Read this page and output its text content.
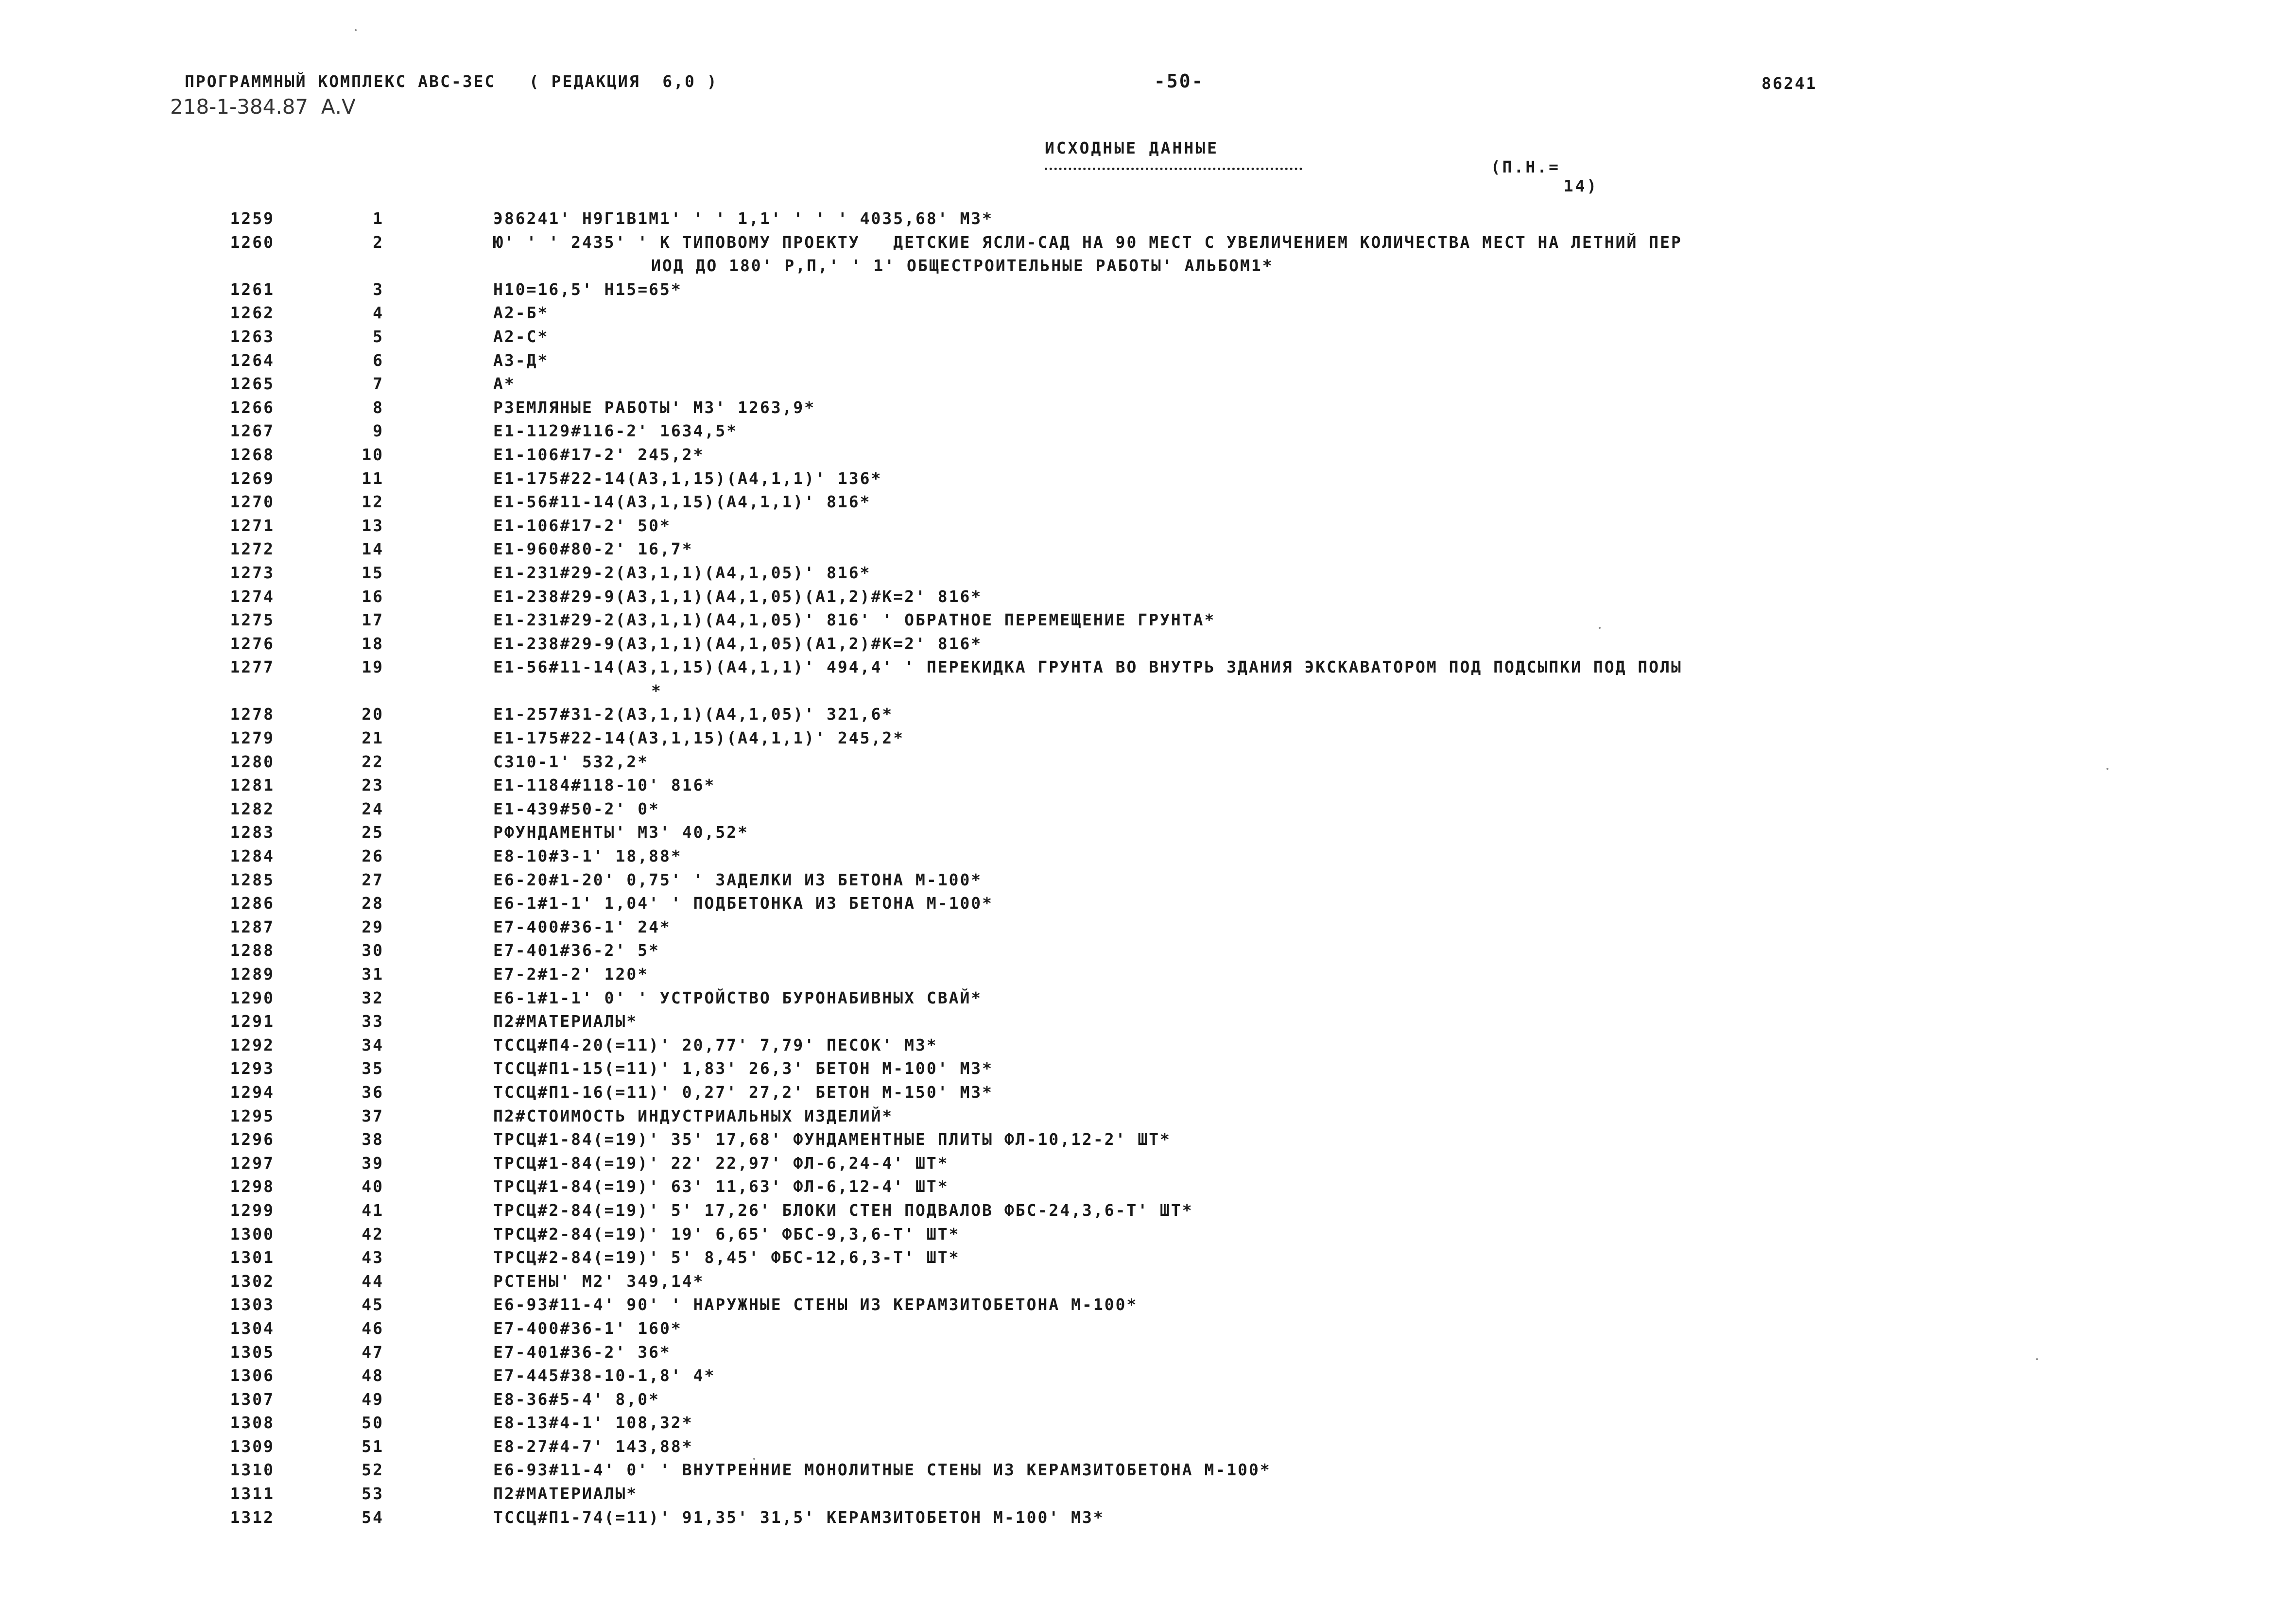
ПРОГРАММНЫЙ КОМПЛЕКС АВС-3ЕС   ( РЕДАКЦИЯ  6,0 )	-50-	86241
218-1-384.87  А.V
ИСХОДНЫЕ ДАННЫЕ

(П.Н.=
14)

1259	1	Э86241' Н9Г1В1М1' ' ' 1,1' ' ' ' 4035,68' МЗ*
1260	2	Ю' ' ' 2435' ' К ТИПОВОМУ ПРОЕКТУ   ДЕТСКИЕ ЯСЛИ-САД НА 90 МЕСТ С УВЕЛИЧЕНИЕМ КОЛИЧЕСТВА МЕСТ НА ЛЕТНИЙ ПЕР
ИОД ДО 180' Р,П,' ' 1' ОБЩЕСТРОИТЕЛЬНЫЕ РАБОТЫ' АЛЬБОМ1*
1261	3	Н10=16,5' Н15=65*
1262	4	А2-Б*
1263	5	А2-С*
1264	6	А3-Д*
1265	7	А*
1266	8	РЗЕМЛЯНЫЕ РАБОТЫ' МЗ' 1263,9*
1267	9	Е1-1129#116-2' 1634,5*
1268	10	Е1-106#17-2' 245,2*
1269	11	Е1-175#22-14(А3,1,15)(А4,1,1)' 136*
1270	12	Е1-56#11-14(А3,1,15)(А4,1,1)' 816*
1271	13	Е1-106#17-2' 50*
1272	14	Е1-960#80-2' 16,7*
1273	15	Е1-231#29-2(А3,1,1)(А4,1,05)' 816*
1274	16	Е1-238#29-9(А3,1,1)(А4,1,05)(А1,2)#К=2' 816*
1275	17	Е1-231#29-2(А3,1,1)(А4,1,05)' 816' ' ОБРАТНОЕ ПЕРЕМЕЩЕНИЕ ГРУНТА*
1276	18	Е1-238#29-9(А3,1,1)(А4,1,05)(А1,2)#К=2' 816*
1277	19	Е1-56#11-14(А3,1,15)(А4,1,1)' 494,4' ' ПЕРЕКИДКА ГРУНТА ВО ВНУТРЬ ЗДАНИЯ ЭКСКАВАТОРОМ ПОД ПОДСЫПКИ ПОД ПОЛЫ
*
1278	20	Е1-257#31-2(А3,1,1)(А4,1,05)' 321,6*
1279	21	Е1-175#22-14(А3,1,15)(А4,1,1)' 245,2*
1280	22	С310-1' 532,2*
1281	23	Е1-1184#118-10' 816*
1282	24	Е1-439#50-2' 0*
1283	25	РФУНДАМЕНТЫ' МЗ' 40,52*
1284	26	Е8-10#3-1' 18,88*
1285	27	Е6-20#1-20' 0,75' ' ЗАДЕЛКИ ИЗ БЕТОНА М-100*
1286	28	Е6-1#1-1' 1,04' ' ПОДБЕТОНКА ИЗ БЕТОНА М-100*
1287	29	Е7-400#36-1' 24*
1288	30	Е7-401#36-2' 5*
1289	31	Е7-2#1-2' 120*
1290	32	Е6-1#1-1' 0' ' УСТРОЙСТВО БУРОНАБИВНЫХ СВАЙ*
1291	33	П2#МАТЕРИАЛЫ*
1292	34	ТССЦ#П4-20(=11)' 20,77' 7,79' ПЕСОК' МЗ*
1293	35	ТССЦ#П1-15(=11)' 1,83' 26,3' БЕТОН М-100' МЗ*
1294	36	ТССЦ#П1-16(=11)' 0,27' 27,2' БЕТОН М-150' МЗ*
1295	37	П2#СТОИМОСТЬ ИНДУСТРИАЛЬНЫХ ИЗДЕЛИЙ*
1296	38	ТРСЦ#1-84(=19)' 35' 17,68' ФУНДАМЕНТНЫЕ ПЛИТЫ ФЛ-10,12-2' ШТ*
1297	39	ТРСЦ#1-84(=19)' 22' 22,97' ФЛ-6,24-4' ШТ*
1298	40	ТРСЦ#1-84(=19)' 63' 11,63' ФЛ-6,12-4' ШТ*
1299	41	ТРСЦ#2-84(=19)' 5' 17,26' БЛОКИ СТЕН ПОДВАЛОВ ФБС-24,3,6-Т' ШТ*
1300	42	ТРСЦ#2-84(=19)' 19' 6,65' ФБС-9,3,6-Т' ШТ*
1301	43	ТРСЦ#2-84(=19)' 5' 8,45' ФБС-12,6,3-Т' ШТ*
1302	44	РСТЕНЫ' М2' 349,14*
1303	45	Е6-93#11-4' 90' ' НАРУЖНЫЕ СТЕНЫ ИЗ КЕРАМЗИТОБЕТОНА М-100*
1304	46	Е7-400#36-1' 160*
1305	47	Е7-401#36-2' 36*
1306	48	Е7-445#38-10-1,8' 4*
1307	49	Е8-36#5-4' 8,0*
1308	50	Е8-13#4-1' 108,32*
1309	51	Е8-27#4-7' 143,88*
1310	52	Е6-93#11-4' 0' ' ВНУТРЕННИЕ МОНОЛИТНЫЕ СТЕНЫ ИЗ КЕРАМЗИТОБЕТОНА М-100*
1311	53	П2#МАТЕРИАЛЫ*
1312	54	ТССЦ#П1-74(=11)' 91,35' 31,5' КЕРАМЗИТОБЕТОН М-100' МЗ*
